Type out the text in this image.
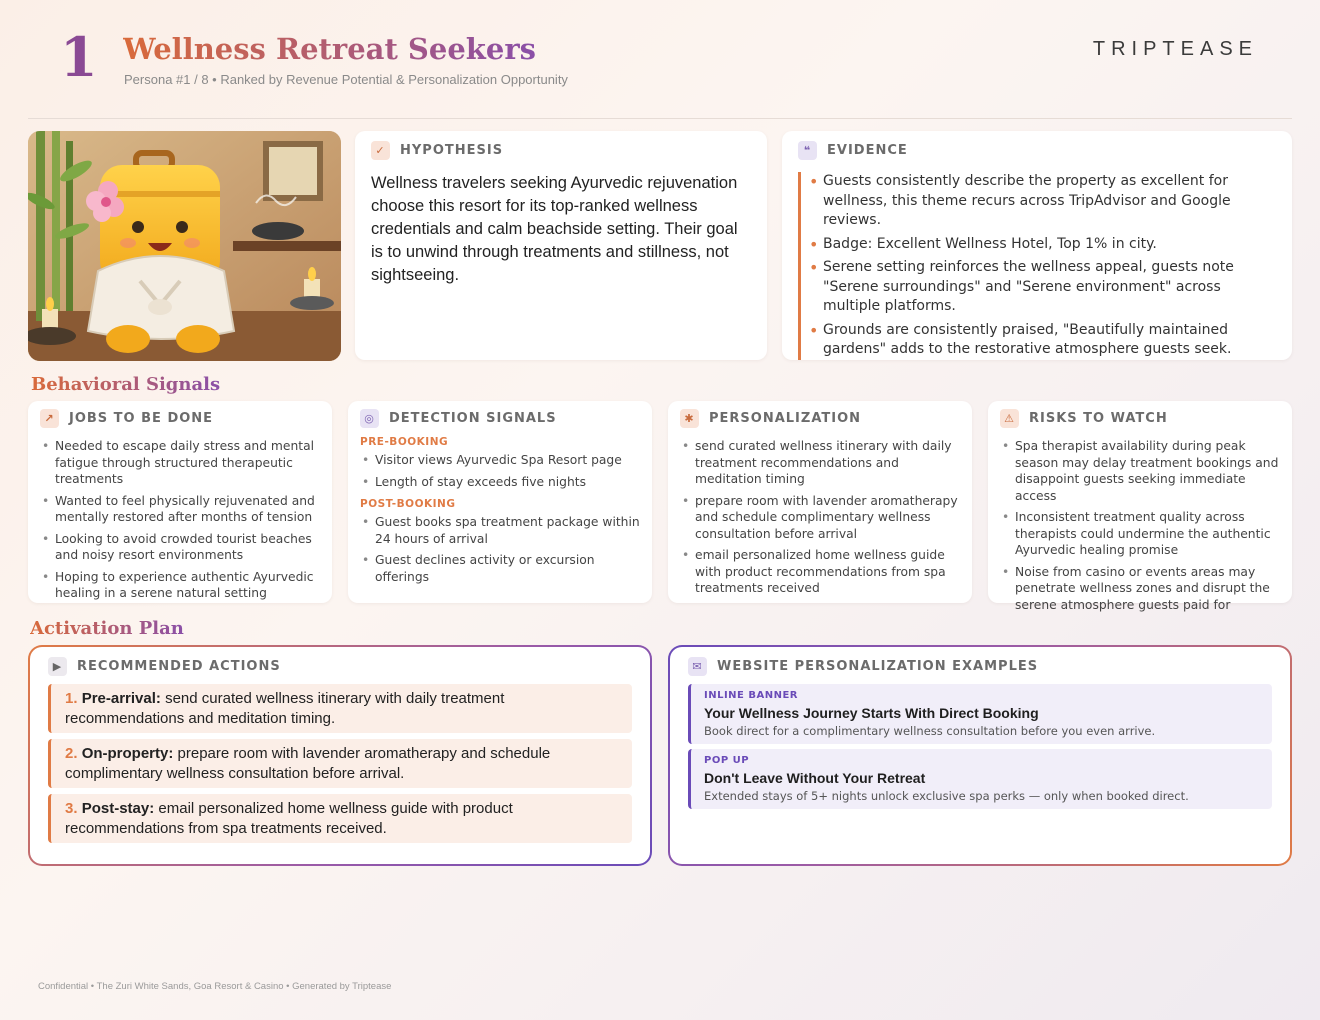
1 Wellness Retreat Seekers
Persona #1 / 8 • Ranked by Revenue Potential & Personalization Opportunity
TRIPTEASE
✓	HYPOTHESIS

Wellness travelers seeking Ayurvedic rejuvenation choose this resort for its top-ranked wellness credentials and calm beachside setting. Their goal is to unwind through treatments and stillness, not sightseeing.

❝	EVIDENCE
• Guests consistently describe the property as excellent for wellness, this theme recurs across TripAdvisor and Google reviews.
• Badge: Excellent Wellness Hotel, Top 1% in city.
• Serene setting reinforces the wellness appeal, guests note "Serene surroundings" and "Serene environment" across multiple platforms.
• Grounds are consistently praised, "Beautifully maintained gardens" adds to the restorative atmosphere guests seek.
Behavioral Signals
↗	JOBS TO BE DONE
• Needed to escape daily stress and mental fatigue through structured therapeutic treatments
• Wanted to feel physically rejuvenated and mentally restored after months of tension
• Looking to avoid crowded tourist beaches and noisy resort environments
• Hoping to experience authentic Ayurvedic healing in a serene natural setting
◎	DETECTION SIGNALS
PRE-BOOKING
• Visitor views Ayurvedic Spa Resort page
• Length of stay exceeds five nights
POST-BOOKING
• Guest books spa treatment package within 24 hours of arrival
• Guest declines activity or excursion offerings
✱	PERSONALIZATION
• send curated wellness itinerary with daily treatment recommendations and meditation timing
• prepare room with lavender aromatherapy and schedule complimentary wellness consultation before arrival
• email personalized home wellness guide with product recommendations from spa treatments received
⚠	RISKS TO WATCH
• Spa therapist availability during peak season may delay treatment bookings and disappoint guests seeking immediate access
• Inconsistent treatment quality across therapists could undermine the authentic Ayurvedic healing promise
• Noise from casino or events areas may penetrate wellness zones and disrupt the serene atmosphere guests paid for
Activation Plan
▶	RECOMMENDED ACTIONS
1. Pre-arrival: send curated wellness itinerary with daily treatment recommendations and meditation timing.
2. On-property: prepare room with lavender aromatherapy and schedule complimentary wellness consultation before arrival.
3. Post-stay: email personalized home wellness guide with product recommendations from spa treatments received.
✉	WEBSITE PERSONALIZATION EXAMPLES
INLINE BANNER
Your Wellness Journey Starts With Direct Booking
Book direct for a complimentary wellness consultation before you even arrive.
POP UP
Don't Leave Without Your Retreat
Extended stays of 5+ nights unlock exclusive spa perks — only when booked direct.
Confidential • The Zuri White Sands, Goa Resort & Casino • Generated by Triptease
